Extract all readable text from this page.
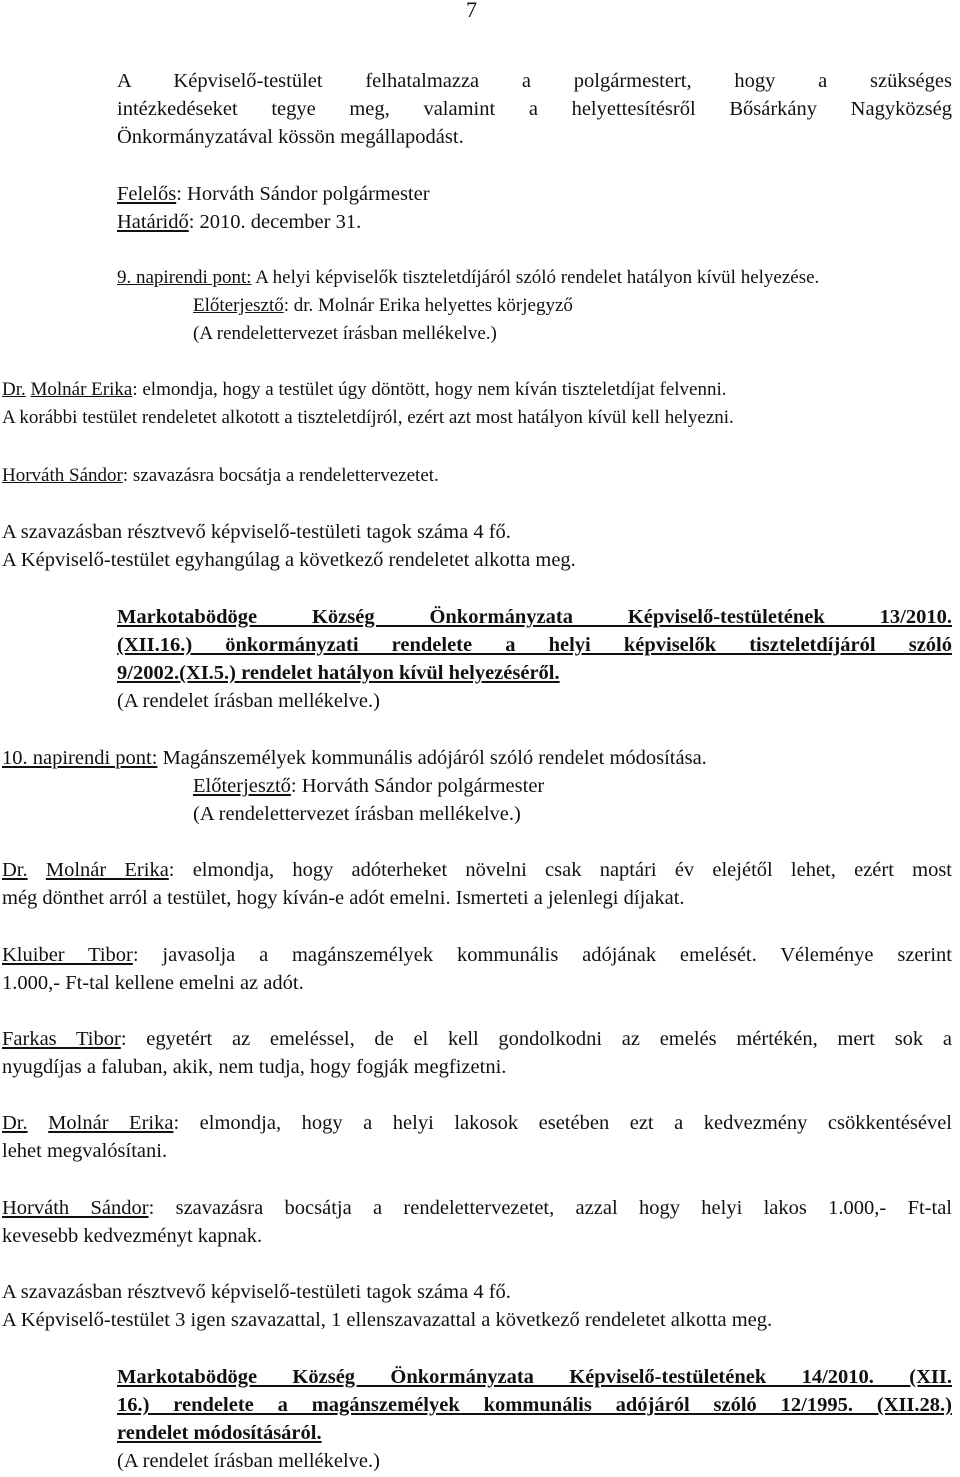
7

A Képviselő-testület felhatalmazza a polgármestert, hogy a szükséges

intézkedéseket tegye meg, valamint a helyettesítésről Bősárkány Nagyközség

Önkormányzatával kössön megállapodást.

Felelős: Horváth Sándor polgármester
Határidő: 2010. december 31.
9. napirendi pont: A helyi képviselők tiszteletdíjáról szóló rendelet hatályon kívül helyezése.
Előterjesztő: dr. Molnár Erika helyettes körjegyző
(A rendelettervezet írásban mellékelve.)

Dr. Molnár Erika: elmondja, hogy a testület úgy döntött, hogy nem kíván tiszteletdíjat felvenni.

A korábbi testület rendeletet alkotott a tiszteletdíjról, ezért azt most hatályon kívül kell helyezni.

Horváth Sándor: szavazásra bocsátja a rendelettervezetet.

A szavazásban résztvevő képviselő-testületi tagok száma 4 fő.

A Képviselő-testület egyhangúlag a következő rendeletet alkotta meg.

Markotabödöge Község Önkormányzata Képviselő-testületének 13/2010.

(XII.16.) önkormányzati rendelete a helyi képviselők tiszteletdíjáról szóló

9/2002.(XI.5.) rendelet hatályon kívül helyezéséről.

(A rendelet írásban mellékelve.)

10. napirendi pont: Magánszemélyek kommunális adójáról szóló rendelet módosítása.
Előterjesztő: Horváth Sándor polgármester
(A rendelettervezet írásban mellékelve.)

Dr. Molnár Erika: elmondja, hogy adóterheket növelni csak naptári év elejétől lehet, ezért most

még dönthet arról a testület, hogy kíván-e adót emelni. Ismerteti a jelenlegi díjakat.

Kluiber Tibor: javasolja a magánszemélyek kommunális adójának emelését. Véleménye szerint

1.000,- Ft-tal kellene emelni az adót.

Farkas Tibor: egyetért az emeléssel, de el kell gondolkodni az emelés mértékén, mert sok a

nyugdíjas a faluban, akik, nem tudja, hogy fogják megfizetni.

Dr. Molnár Erika: elmondja, hogy a helyi lakosok esetében ezt a kedvezmény csökkentésével

lehet megvalósítani.

Horváth Sándor: szavazásra bocsátja a rendelettervezetet, azzal hogy helyi lakos 1.000,- Ft-tal

kevesebb kedvezményt kapnak.

A szavazásban résztvevő képviselő-testületi tagok száma 4 fő.

A Képviselő-testület 3 igen szavazattal, 1 ellenszavazattal a következő rendeletet alkotta meg.

Markotabödöge Község Önkormányzata Képviselő-testületének 14/2010. (XII.

16.) rendelete a magánszemélyek kommunális adójáról szóló 12/1995. (XII.28.)

rendelet módosításáról.

(A rendelet írásban mellékelve.)
